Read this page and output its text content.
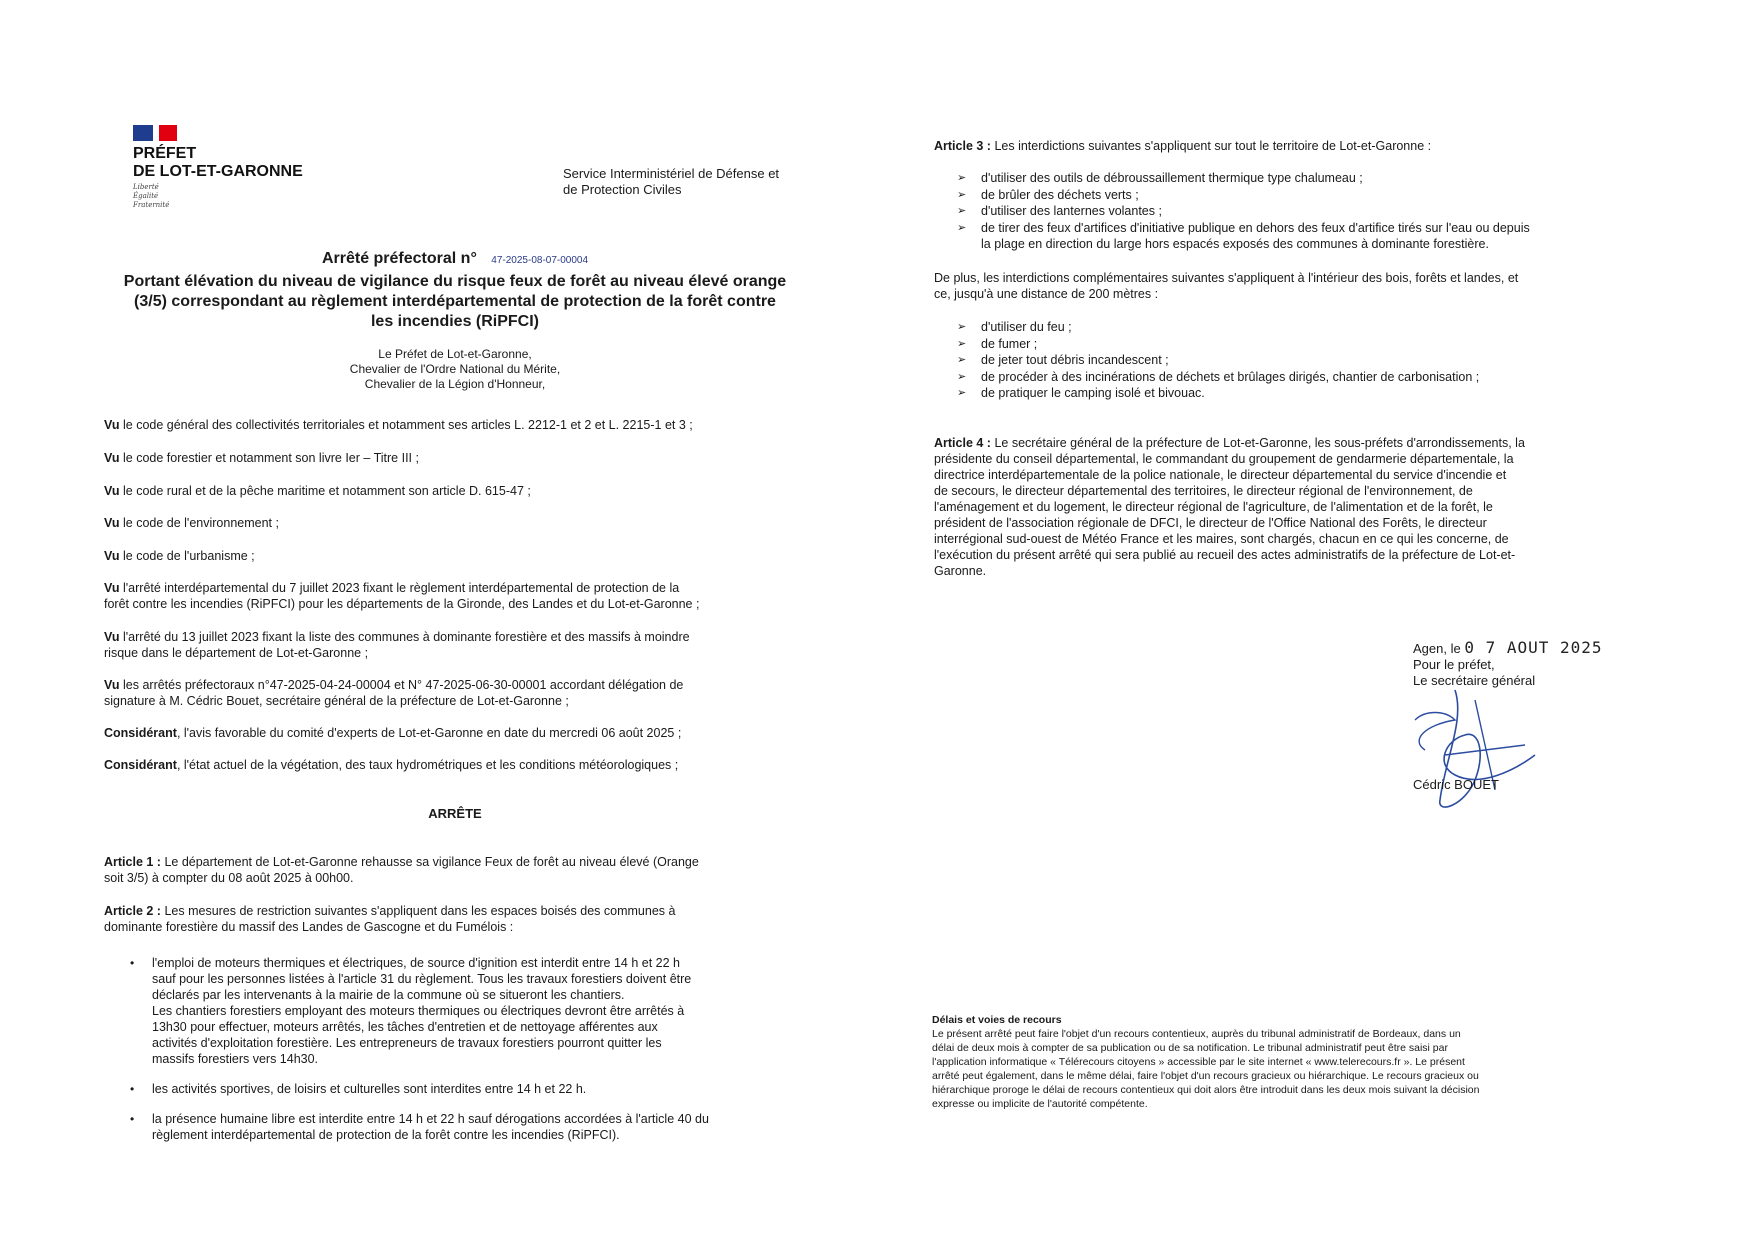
PRÉFET
DE LOT-ET-GARONNE
Liberté
Égalité
Fraternité
Service Interministériel de Défense et
de Protection Civiles
Arrêté préfectoral n° 47-2025-08-07-00004
Portant élévation du niveau de vigilance du risque feux de forêt au niveau élevé orange
(3/5) correspondant au règlement interdépartemental de protection de la forêt contre
les incendies (RiPFCI)
Le Préfet de Lot-et-Garonne,
Chevalier de l'Ordre National du Mérite,
Chevalier de la Légion d'Honneur,
Vu le code général des collectivités territoriales et notamment ses articles L. 2212-1 et 2 et L. 2215-1 et 3 ;
Vu le code forestier et notamment son livre Ier – Titre III ;
Vu le code rural et de la pêche maritime et notamment son article D. 615-47 ;
Vu le code de l'environnement ;
Vu le code de l'urbanisme ;
Vu l'arrêté interdépartemental du 7 juillet 2023 fixant le règlement interdépartemental de protection de la
forêt contre les incendies (RiPFCI) pour les départements de la Gironde, des Landes et du Lot-et-Garonne ;
Vu l'arrêté du 13 juillet 2023 fixant la liste des communes à dominante forestière et des massifs à moindre
risque dans le département de Lot-et-Garonne ;
Vu les arrêtés préfectoraux n°47-2025-04-24-00004 et N° 47-2025-06-30-00001 accordant délégation de
signature à M. Cédric Bouet, secrétaire général de la préfecture de Lot-et-Garonne ;
Considérant, l'avis favorable du comité d'experts de Lot-et-Garonne en date du mercredi 06 août 2025 ;
Considérant, l'état actuel de la végétation, des taux hydrométriques et les conditions météorologiques ;
ARRÊTE
Article 1 : Le département de Lot-et-Garonne rehausse sa vigilance Feux de forêt au niveau élevé (Orange
soit 3/5) à compter du 08 août 2025 à 00h00.
Article 2 : Les mesures de restriction suivantes s'appliquent dans les espaces boisés des communes à
dominante forestière du massif des Landes de Gascogne et du Fumélois :
• l'emploi de moteurs thermiques et électriques, de source d'ignition est interdit entre 14 h et 22 h
sauf pour les personnes listées à l'article 31 du règlement. Tous les travaux forestiers doivent être
déclarés par les intervenants à la mairie de la commune où se situeront les chantiers.
Les chantiers forestiers employant des moteurs thermiques ou électriques devront être arrêtés à
13h30 pour effectuer, moteurs arrêtés, les tâches d'entretien et de nettoyage afférentes aux
activités d'exploitation forestière. Les entrepreneurs de travaux forestiers pourront quitter les
massifs forestiers vers 14h30.
• les activités sportives, de loisirs et culturelles sont interdites entre 14 h et 22 h.
• la présence humaine libre est interdite entre 14 h et 22 h sauf dérogations accordées à l'article 40 du
règlement interdépartemental de protection de la forêt contre les incendies (RiPFCI).
Article 3 : Les interdictions suivantes s'appliquent sur tout le territoire de Lot-et-Garonne :
➢ d'utiliser des outils de débroussaillement thermique type chalumeau ;
➢ de brûler des déchets verts ;
➢ d'utiliser des lanternes volantes ;
➢ de tirer des feux d'artifices d'initiative publique en dehors des feux d'artifice tirés sur l'eau ou depuis
la plage en direction du large hors espacés exposés des communes à dominante forestière.
De plus, les interdictions complémentaires suivantes s'appliquent à l'intérieur des bois, forêts et landes, et
ce, jusqu'à une distance de 200 mètres :
➢ d'utiliser du feu ;
➢ de fumer ;
➢ de jeter tout débris incandescent ;
➢ de procéder à des incinérations de déchets et brûlages dirigés, chantier de carbonisation ;
➢ de pratiquer le camping isolé et bivouac.
Article 4 : Le secrétaire général de la préfecture de Lot-et-Garonne, les sous-préfets d'arrondissements, la
présidente du conseil départemental, le commandant du groupement de gendarmerie départementale, la
directrice interdépartementale de la police nationale, le directeur départemental du service d'incendie et
de secours, le directeur départemental des territoires, le directeur régional de l'environnement, de
l'aménagement et du logement, le directeur régional de l'agriculture, de l'alimentation et de la forêt, le
président de l'association régionale de DFCI, le directeur de l'Office National des Forêts, le directeur
interrégional sud-ouest de Météo France et les maires, sont chargés, chacun en ce qui les concerne, de
l'exécution du présent arrêté qui sera publié au recueil des actes administratifs de la préfecture de Lot-et-
Garonne.
Agen, le 0 7 AOUT 2025
Pour le préfet,
Le secrétaire général
Cédric BOUET
Délais et voies de recours
Le présent arrêté peut faire l'objet d'un recours contentieux, auprès du tribunal administratif de Bordeaux, dans un
délai de deux mois à compter de sa publication ou de sa notification. Le tribunal administratif peut être saisi par
l'application informatique « Télérecours citoyens » accessible par le site internet « www.telerecours.fr ». Le présent
arrêté peut également, dans le même délai, faire l'objet d'un recours gracieux ou hiérarchique. Le recours gracieux ou
hiérarchique proroge le délai de recours contentieux qui doit alors être introduit dans les deux mois suivant la décision
expresse ou implicite de l'autorité compétente.
